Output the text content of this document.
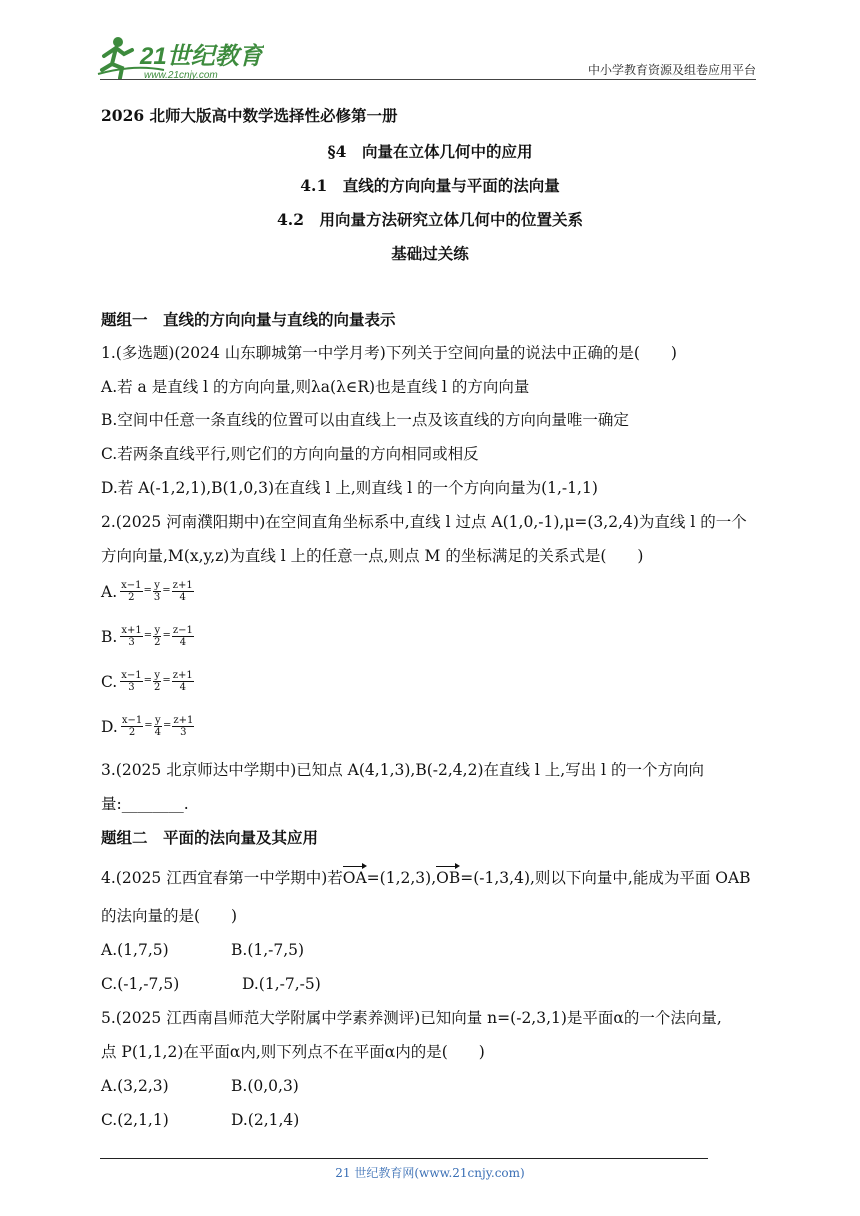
21世纪教育
www.21cnjy.com	中小学教育资源及组卷应用平台
2026 北师大版高中数学选择性必修第一册
§4　向量在立体几何中的应用
4.1　直线的方向向量与平面的法向量
4.2　用向量方法研究立体几何中的位置关系
基础过关练
题组一　直线的方向向量与直线的向量表示
1.(多选题)(2024 山东聊城第一中学月考)下列关于空间向量的说法中正确的是(　　)
A.若 a 是直线 l 的方向向量,则λa(λ∈R)也是直线 l 的方向向量
B.空间中任意一条直线的位置可以由直线上一点及该直线的方向向量唯一确定
C.若两条直线平行,则它们的方向向量的方向相同或相反
D.若 A(-1,2,1),B(1,0,3)在直线 l 上,则直线 l 的一个方向向量为(1,-1,1)
2.(2025 河南濮阳期中)在空间直角坐标系中,直线 l 过点 A(1,0,-1),μ=(3,2,4)为直线 l 的一个
方向向量,M(x,y,z)为直线 l 上的任意一点,则点 M 的坐标满足的关系式是(　　)
A. $\frac{x-1}{2} = \frac{y}{3} = \frac{z+1}{4}$
B. $\frac{x+1}{3} = \frac{y}{2} = \frac{z-1}{4}$
C. $\frac{x-1}{3} = \frac{y}{2} = \frac{z+1}{4}$
D. $\frac{x-1}{2} = \frac{y}{4} = \frac{z+1}{3}$
3.(2025 北京师达中学期中)已知点 A(4,1,3),B(-2,4,2)在直线 l 上,写出 l 的一个方向向
量:________.
题组二　平面的法向量及其应用
4.(2025 江西宜春第一中学期中)若OA=(1,2,3),OB=(-1,3,4),则以下向量中,能成为平面 OAB
的法向量的是(　　)
A.(1,7,5)	B.(1,-7,5)
C.(-1,-7,5)	D.(1,-7,-5)
5.(2025 江西南昌师范大学附属中学素养测评)已知向量 n=(-2,3,1)是平面α的一个法向量,
点 P(1,1,2)在平面α内,则下列点不在平面α内的是(　　)
A.(3,2,3)	B.(0,0,3)
C.(2,1,1)	D.(2,1,4)
21 世纪教育网(www.21cnjy.com)
